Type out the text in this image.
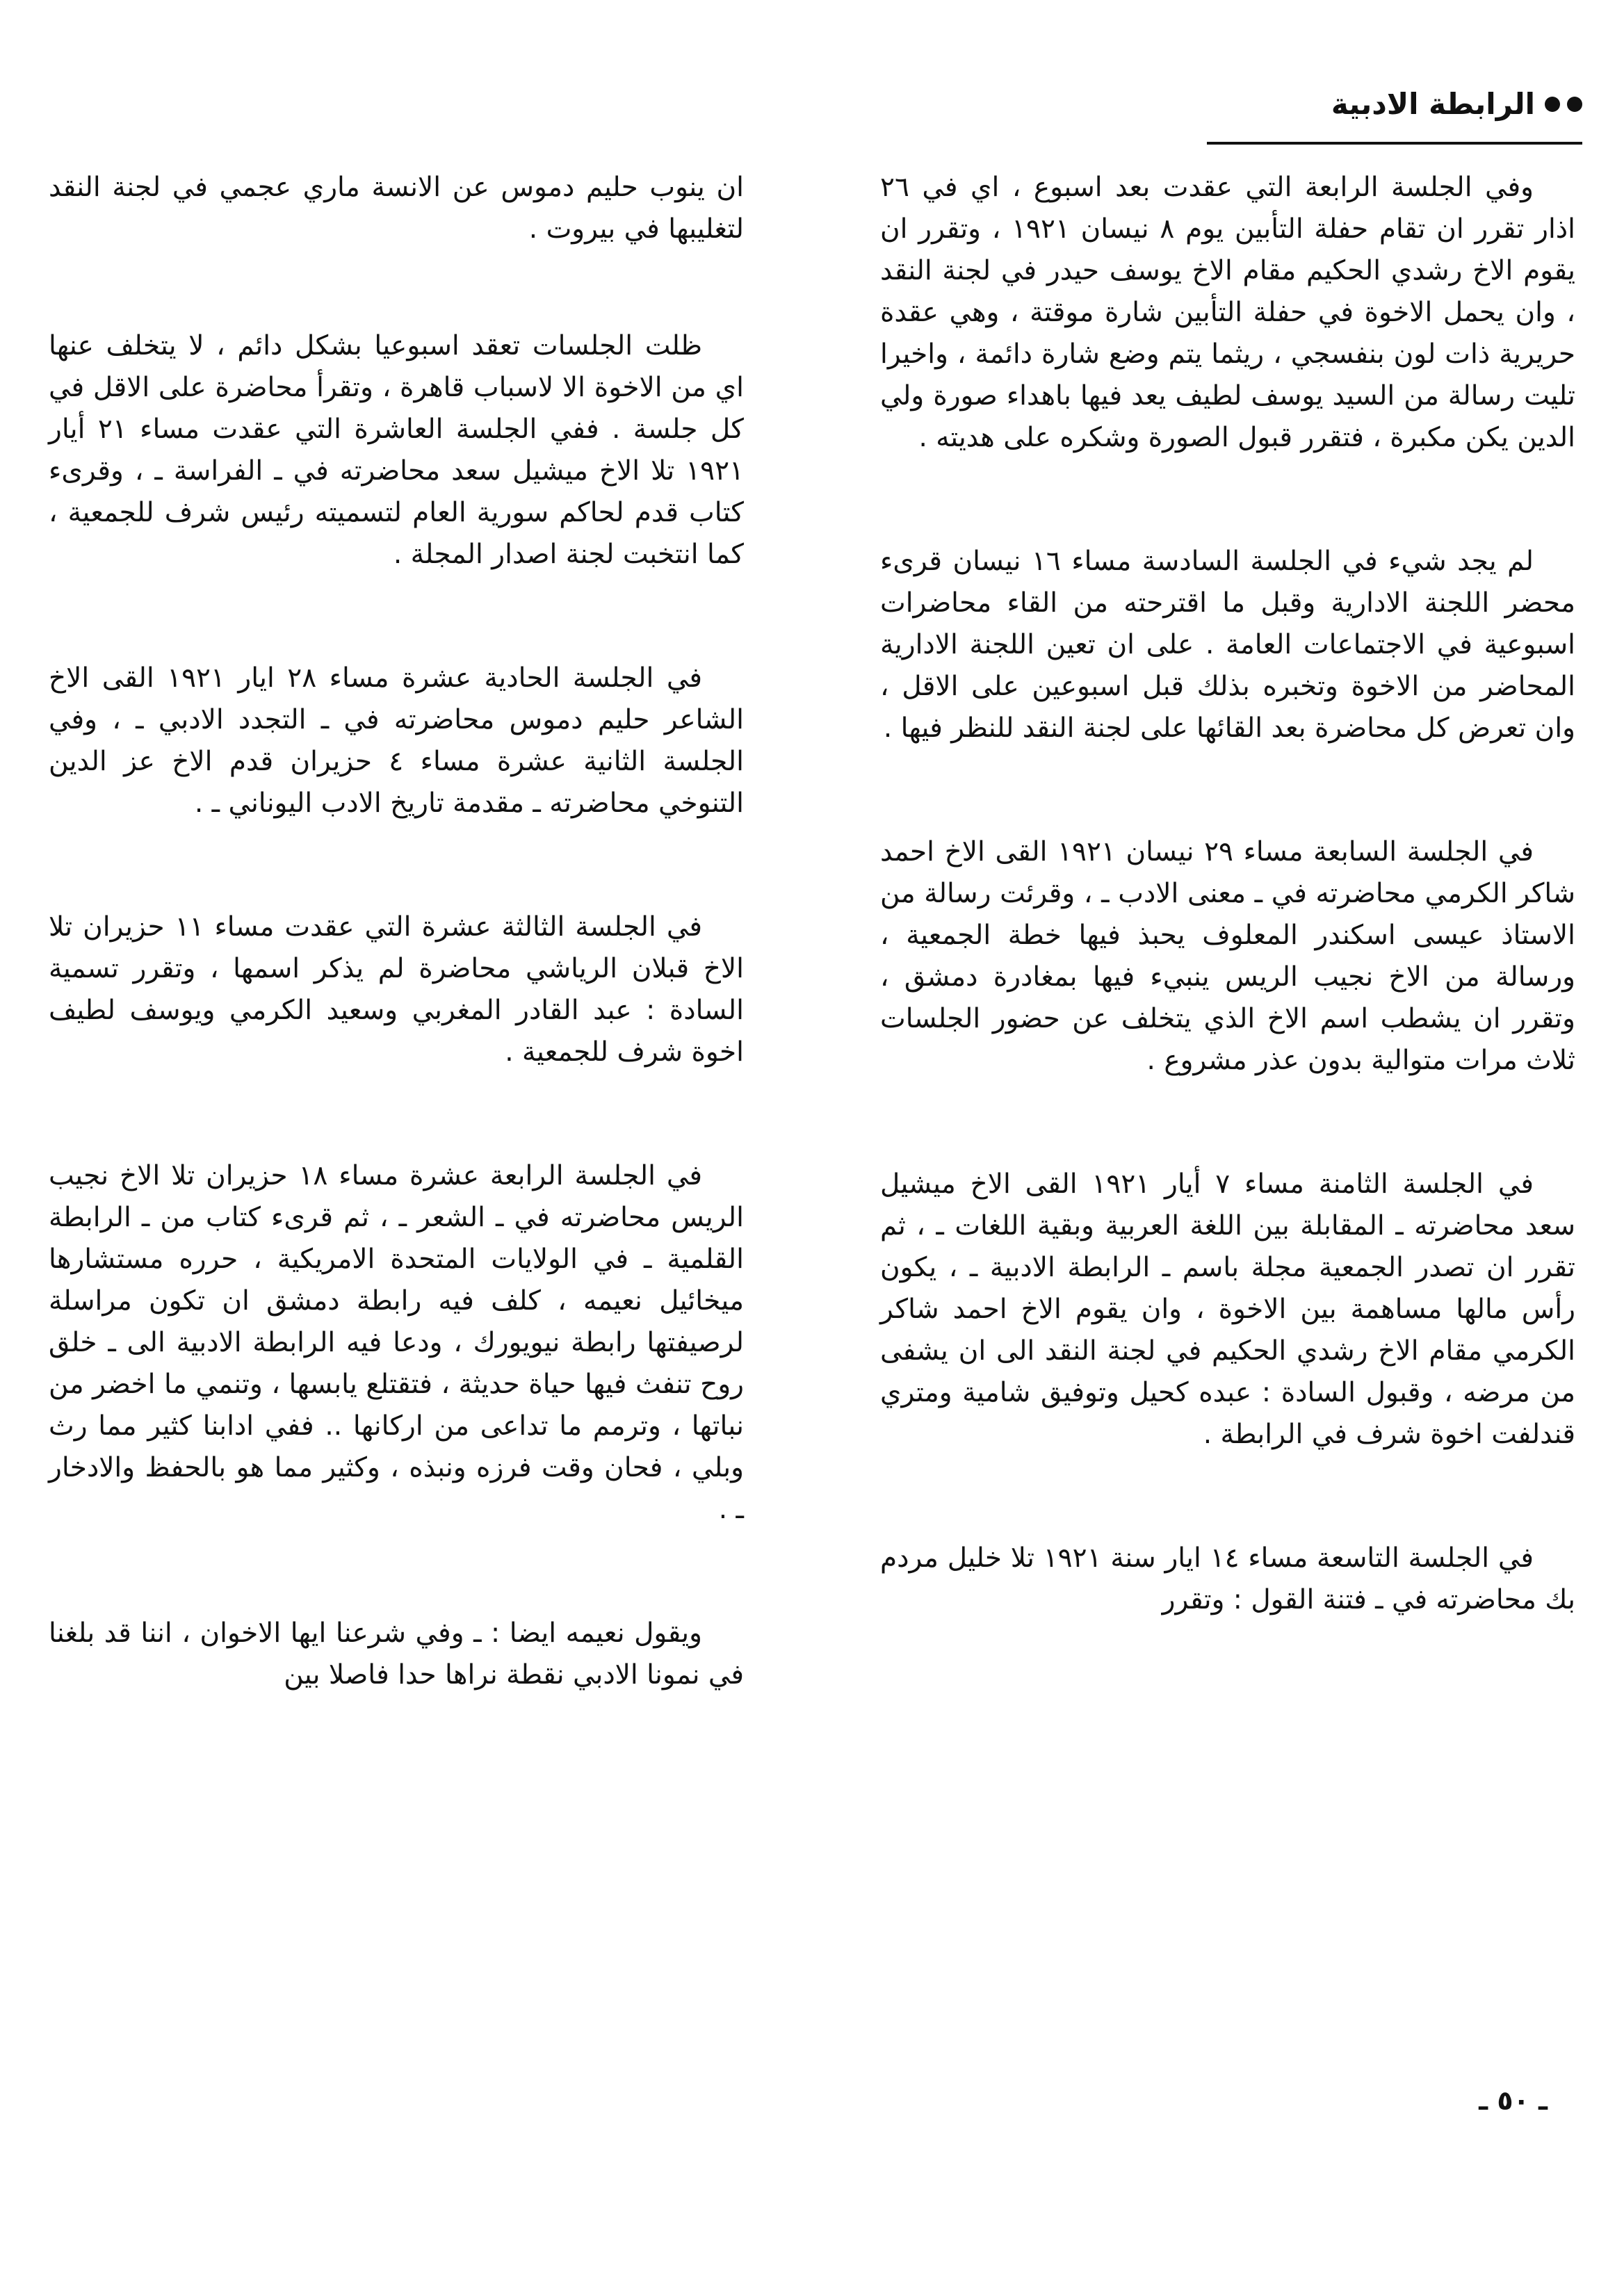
الرابطة الادبية

وفي الجلسة الرابعة التي عقدت بعد اسبوع ، اي في ٢٦ اذار تقرر ان تقام حفلة التأبين يوم ٨ نيسان ١٩٢١ ، وتقرر ان يقوم الاخ رشدي الحكيم مقام الاخ يوسف حيدر في لجنة النقد ، وان يحمل الاخوة في حفلة التأبين شارة موقتة ، وهي عقدة حريرية ذات لون بنفسجي ، ريثما يتم وضع شارة دائمة ، واخيرا تليت رسالة من السيد يوسف لطيف يعد فيها باهداء صورة ولي الدين يكن مكبرة ، فتقرر قبول الصورة وشكره على هديته .

لم يجد شيء في الجلسة السادسة مساء ١٦ نيسان قرىء محضر اللجنة الادارية وقبل ما اقترحته من القاء محاضرات اسبوعية في الاجتماعات العامة . على ان تعين اللجنة الادارية المحاضر من الاخوة وتخبره بذلك قبل اسبوعين على الاقل ، وان تعرض كل محاضرة بعد القائها على لجنة النقد للنظر فيها .

في الجلسة السابعة مساء ٢٩ نيسان ١٩٢١ القى الاخ احمد شاكر الكرمي محاضرته في ـ معنى الادب ـ ، وقرئت رسالة من الاستاذ عيسى اسكندر المعلوف يحبذ فيها خطة الجمعية ، ورسالة من الاخ نجيب الريس ينبيء فيها بمغادرة دمشق ، وتقرر ان يشطب اسم الاخ الذي يتخلف عن حضور الجلسات ثلاث مرات متوالية بدون عذر مشروع .

في الجلسة الثامنة مساء ٧ أيار ١٩٢١ القى الاخ ميشيل سعد محاضرته ـ المقابلة بين اللغة العربية وبقية اللغات ـ ، ثم تقرر ان تصدر الجمعية مجلة باسم ـ الرابطة الادبية ـ ، يكون رأس مالها مساهمة بين الاخوة ، وان يقوم الاخ احمد شاكر الكرمي مقام الاخ رشدي الحكيم في لجنة النقد الى ان يشفى من مرضه ، وقبول السادة : عبده كحيل وتوفيق شامية ومتري قندلفت اخوة شرف في الرابطة .

في الجلسة التاسعة مساء ١٤ ايار سنة ١٩٢١ تلا خليل مردم بك محاضرته في ـ فتنة القول : وتقرر

ان ينوب حليم دموس عن الانسة ماري عجمي في لجنة النقد لتغليبها في بيروت .

ظلت الجلسات تعقد اسبوعيا بشكل دائم ، لا يتخلف عنها اي من الاخوة الا لاسباب قاهرة ، وتقرأ محاضرة على الاقل في كل جلسة . ففي الجلسة العاشرة التي عقدت مساء ٢١ أيار ١٩٢١ تلا الاخ ميشيل سعد محاضرته في ـ الفراسة ـ ، وقرىء كتاب قدم لحاكم سورية العام لتسميته رئيس شرف للجمعية ، كما انتخبت لجنة اصدار المجلة .

في الجلسة الحادية عشرة مساء ٢٨ ايار ١٩٢١ القى الاخ الشاعر حليم دموس محاضرته في ـ التجدد الادبي ـ ، وفي الجلسة الثانية عشرة مساء ٤ حزيران قدم الاخ عز الدين التنوخي محاضرته ـ مقدمة تاريخ الادب اليوناني ـ .

في الجلسة الثالثة عشرة التي عقدت مساء ١١ حزيران تلا الاخ قبلان الرياشي محاضرة لم يذكر اسمها ، وتقرر تسمية السادة : عبد القادر المغربي وسعيد الكرمي ويوسف لطيف اخوة شرف للجمعية .

في الجلسة الرابعة عشرة مساء ١٨ حزيران تلا الاخ نجيب الريس محاضرته في ـ الشعر ـ ، ثم قرىء كتاب من ـ الرابطة القلمية ـ في الولايات المتحدة الامريكية ، حرره مستشارها ميخائيل نعيمه ، كلف فيه رابطة دمشق ان تكون مراسلة لرصيفتها رابطة نيويورك ، ودعا فيه الرابطة الادبية الى ـ خلق روح تنفث فيها حياة حديثة ، فتقتلع يابسها ، وتنمي ما اخضر من نباتها ، وترمم ما تداعى من اركانها .. ففي ادابنا كثير مما رث وبلي ، فحان وقت فرزه ونبذه ، وكثير مما هو بالحفظ والادخار ـ .

ويقول نعيمه ايضا : ـ وفي شرعنا ايها الاخوان ، اننا قد بلغنا في نمونا الادبي نقطة نراها حدا فاصلا بين

ـ ٥٠ ـ
